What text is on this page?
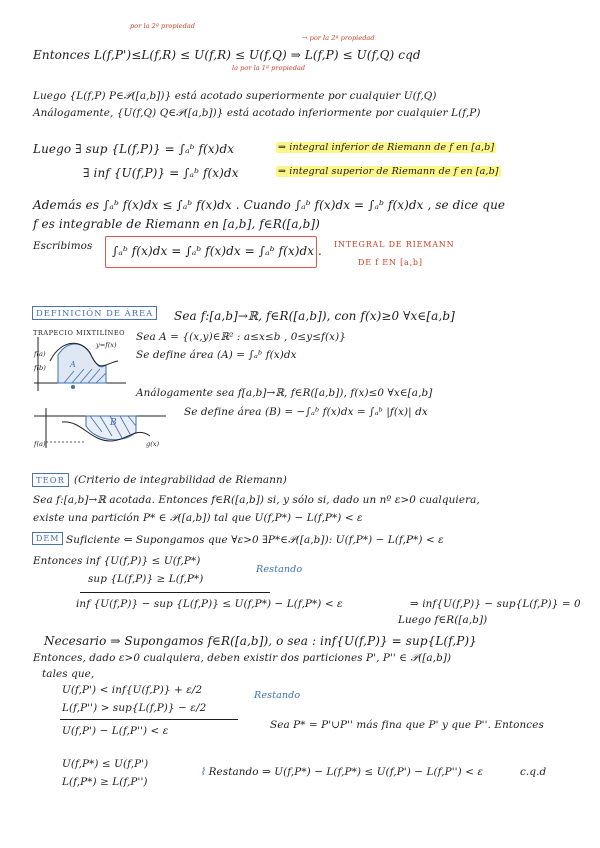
→ por la 2ª propiedad
por la 2ª propiedad
la por la 1ª propiedad
Entonces L(f,P')≤L(f,R) ≤ U(f,R) ≤ U(f,Q) ⇒ L(f,P) ≤ U(f,Q) cqd
Luego {L(f,P) P∈𝒫([a,b])} está acotado superiormente por cualquier U(f,Q)
Análogamente, {U(f,Q) Q∈𝒫([a,b])} está acotado inferiormente por cualquier L(f,P)
Luego ∃ sup {L(f,P)} = ∫ₐᵇ f(x)dx	⇒ integral inferior de Riemann de f en [a,b]
∃ inf {U(f,P)} = ∫ₐᵇ f(x)dx	⇒ integral superior de Riemann de f en [a,b]
Además es ∫ₐᵇ f(x)dx ≤ ∫ₐᵇ f(x)dx . Cuando ∫ₐᵇ f(x)dx = ∫ₐᵇ f(x)dx , se dice que
f es integrable de Riemann en [a,b], f∈R([a,b])
Escribimos ∫ₐᵇ f(x)dx = ∫ₐᵇ f(x)dx = ∫ₐᵇ f(x)dx . INTEGRAL DE RIEMANN
DE f EN [a,b]
DEFINICIÓN DE ÁREA	Sea f:[a,b]→ℝ, f∈R([a,b]), con f(x)≥0 ∀x∈[a,b]
TRAPECIO MIXTILÍNEO
y=f(x)
f(a)
f(b)	A
Sea A = {(x,y)∈ℝ² : a≤x≤b , 0≤y≤f(x)}
Se define área (A) = ∫ₐᵇ f(x)dx
Análogamente sea f[a,b]→ℝ, f∈R([a,b]), f(x)≤0 ∀x∈[a,b]
Se define área (B) = −∫ₐᵇ f(x)dx = ∫ₐᵇ |f(x)| dx
f(a)
B
g(x)
TEOR (Criterio de integrabilidad de Riemann)
Sea f:[a,b]→ℝ acotada. Entonces f∈R([a,b]) si, y sólo si, dado un nº ε>0 cualquiera,
existe una partición P* ∈ 𝒫([a,b]) tal que U(f,P*) − L(f,P*) < ε
DEM Suficiente ⇐ Supongamos que ∀ε>0 ∃P*∈𝒫([a,b]): U(f,P*) − L(f,P*) < ε
Entonces inf {U(f,P)} ≤ U(f,P*)
sup {L(f,P)} ≥ L(f,P*)
Restando
inf {U(f,P)} − sup {L(f,P)} ≤ U(f,P*) − L(f,P*) < ε	⇒ inf{U(f,P)} − sup{L(f,P)} = 0
Luego f∈R([a,b])
Necesario ⇒ Supongamos f∈R([a,b]), o sea : inf{U(f,P)} = sup{L(f,P)}
Entonces, dado ε>0 cualquiera, deben existir dos particiones P', P'' ∈ 𝒫([a,b])
tales que,
U(f,P') < inf{U(f,P)} + ε/2
L(f,P'') > sup{L(f,P)} − ε/2
Restando
U(f,P') − L(f,P'') < ε	Sea P* = P'∪P'' más fina que P' y que P''. Entonces
U(f,P*) ≤ U(f,P')
L(f,P*) ≥ L(f,P'')
⌇ Restando ⇒ U(f,P*) − L(f,P*) ≤ U(f,P') − L(f,P'') < ε	c.q.d
